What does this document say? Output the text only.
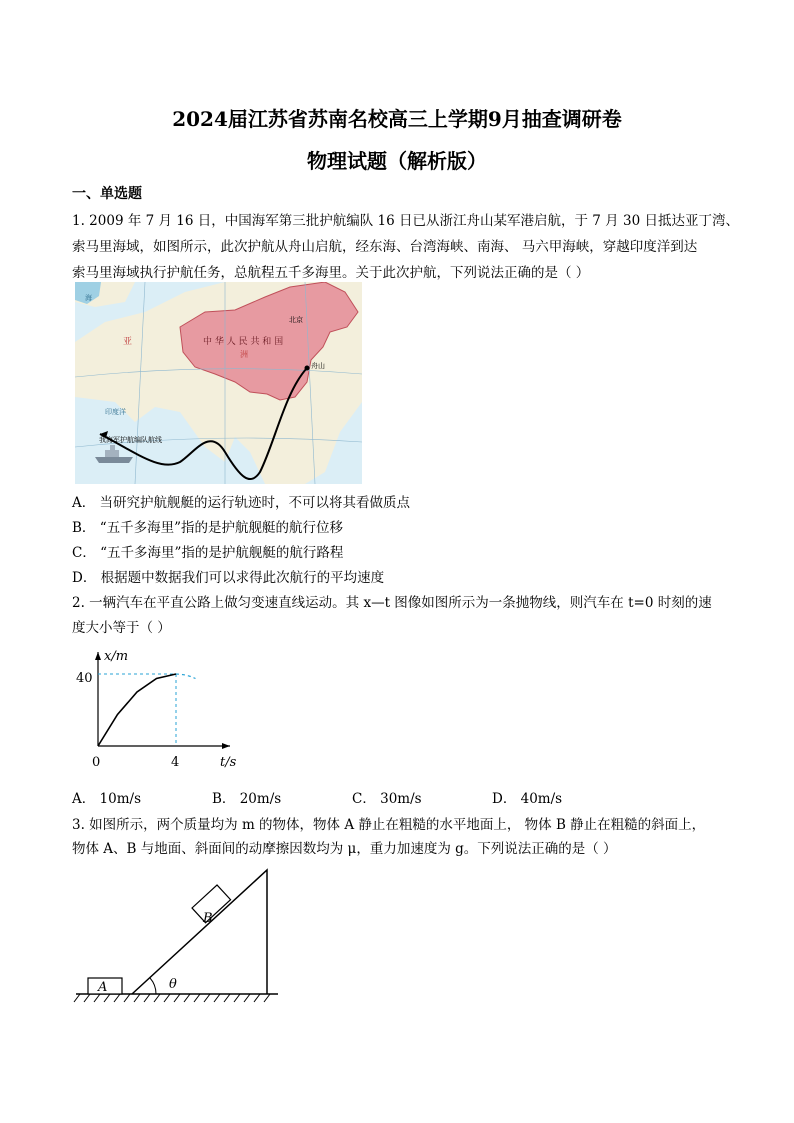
2024届江苏省苏南名校高三上学期9月抽查调研卷
物理试题（解析版）
一、单选题
1. 2009 年 7 月 16 日，中国海军第三批护航编队 16 日已从浙江舟山某军港启航，于 7 月 30 日抵达亚丁湾、
索马里海域，如图所示，此次护航从舟山启航，经东海、台湾海峡、南海、 马六甲海峡，穿越印度洋到达
索马里海域执行护航任务，总航程五千多海里。关于此次护航，下列说法正确的是（ ）
海
亚	中 华 人 民 共 和 国
洲
北京
舟山
印度洋
我海军护航编队航线
A． 当研究护航舰艇的运行轨迹时，不可以将其看做质点
B． “五千多海里”指的是护航舰艇的航行位移
C． “五千多海里”指的是护航舰艇的航行路程
D． 根据题中数据我们可以求得此次航行的平均速度
2. 一辆汽车在平直公路上做匀变速直线运动。其 x—t 图像如图所示为一条抛物线，则汽车在 t=0 时刻的速
度大小等于（ ）
x/m
t/s
40
4
0
A． 10m/s	B． 20m/s	C． 30m/s	D． 40m/s
3. 如图所示，两个质量均为 m 的物体，物体 A 静止在粗糙的水平地面上， 物体 B 静止在粗糙的斜面上，
物体 A、B 与地面、斜面间的动摩擦因数均为 μ，重力加速度为 g。下列说法正确的是（ ）
A
B
θ
